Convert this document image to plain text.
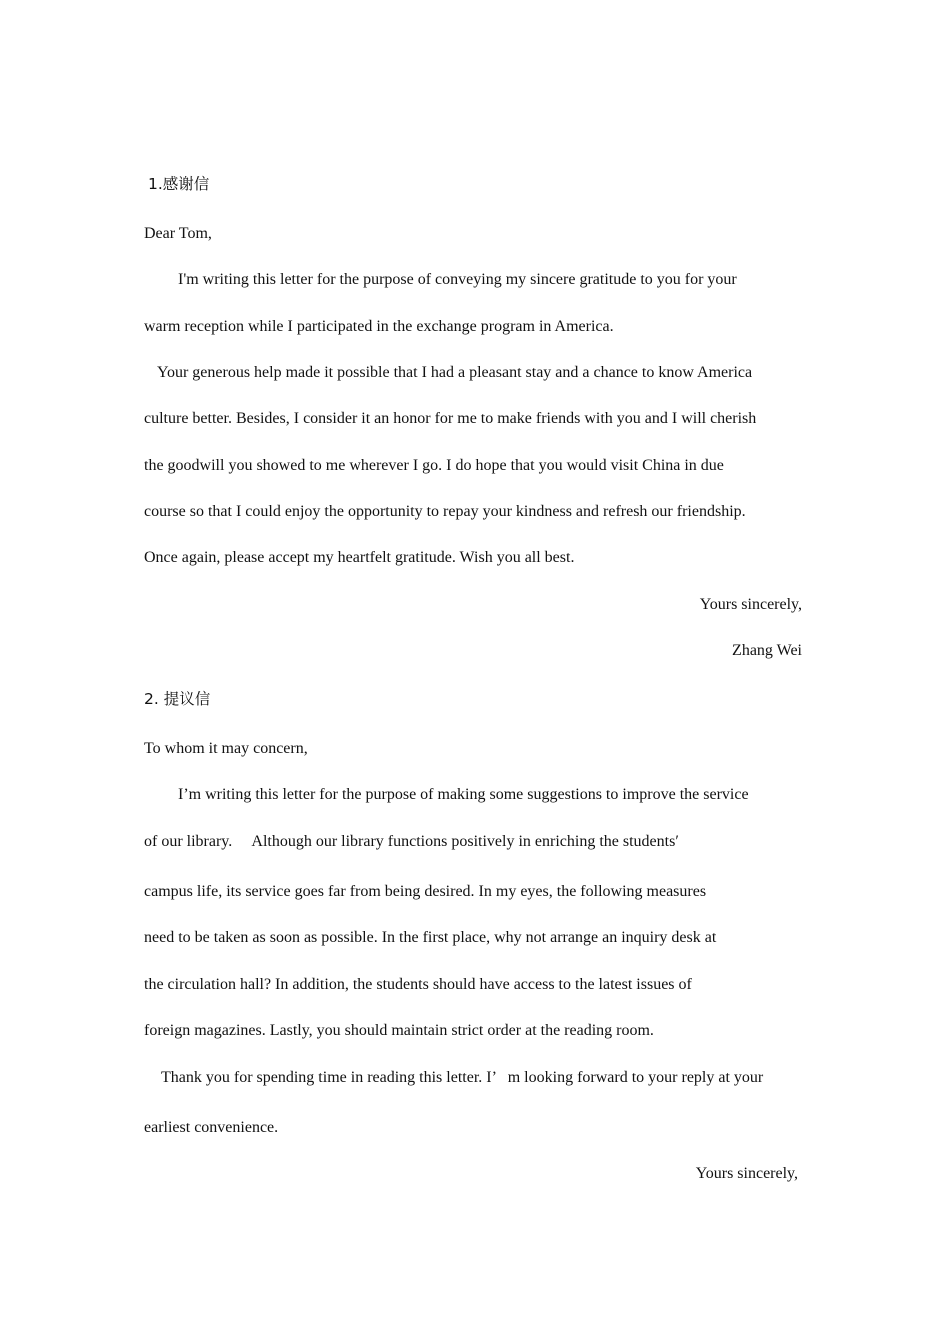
1.感谢信
Dear Tom,
I'm writing this letter for the purpose of conveying my sincere gratitude to you for your
warm reception while I participated in the exchange program in America.
Your generous help made it possible that I had a pleasant stay and a chance to know America
culture better. Besides, I consider it an honor for me to make friends with you and I will cherish
the goodwill you showed to me wherever I go. I do hope that you would visit China in due
course so that I could enjoy the opportunity to repay your kindness and refresh our friendship.
Once again, please accept my heartfelt gratitude. Wish you all best.
Yours sincerely,
Zhang Wei
2. 提议信
To whom it may concern,
I’m writing this letter for the purpose of making some suggestions to improve the service
of our library.     Although our library functions positively in enriching the students′
campus life, its service goes far from being desired. In my eyes, the following measures
need to be taken as soon as possible. In the first place, why not arrange an inquiry desk at
the circulation hall? In addition, the students should have access to the latest issues of
foreign magazines. Lastly, you should maintain strict order at the reading room.
Thank you for spending time in reading this letter. I’   m looking forward to your reply at your
earliest convenience.
Yours sincerely,
